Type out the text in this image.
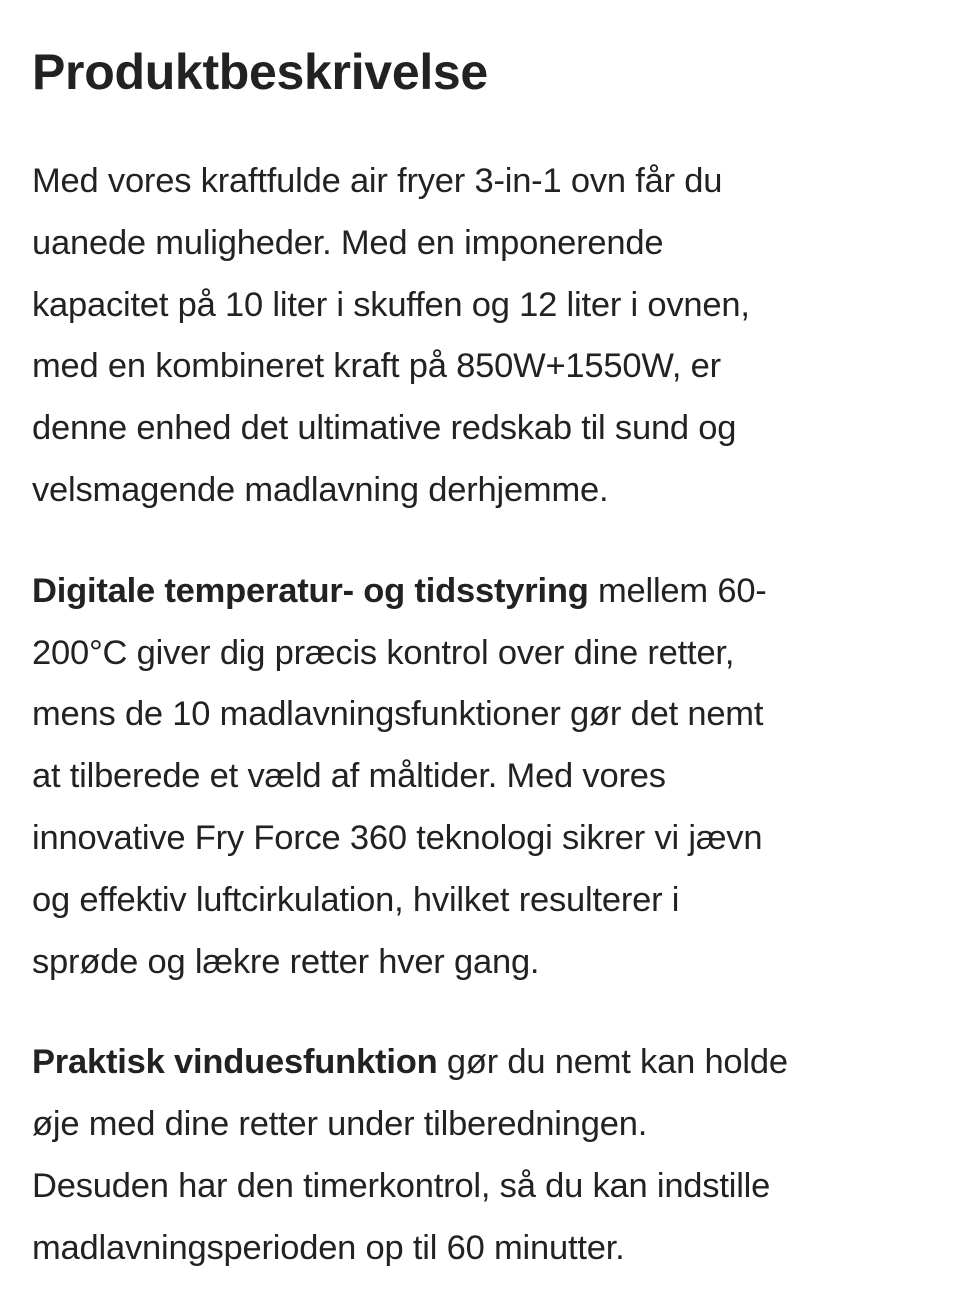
Produktbeskrivelse

Med vores kraftfulde air fryer 3-in-1 ovn får du
uanede muligheder. Med en imponerende
kapacitet på 10 liter i skuffen og 12 liter i ovnen,
med en kombineret kraft på 850W+1550W, er
denne enhed det ultimative redskab til sund og
velsmagende madlavning derhjemme.

Digitale temperatur- og tidsstyring mellem 60-
200°C giver dig præcis kontrol over dine retter,
mens de 10 madlavningsfunktioner gør det nemt
at tilberede et væld af måltider. Med vores
innovative Fry Force 360 teknologi sikrer vi jævn
og effektiv luftcirkulation, hvilket resulterer i
sprøde og lækre retter hver gang.

Praktisk vinduesfunktion gør du nemt kan holde
øje med dine retter under tilberedningen.
Desuden har den timerkontrol, så du kan indstille
madlavningsperioden op til 60 minutter.
